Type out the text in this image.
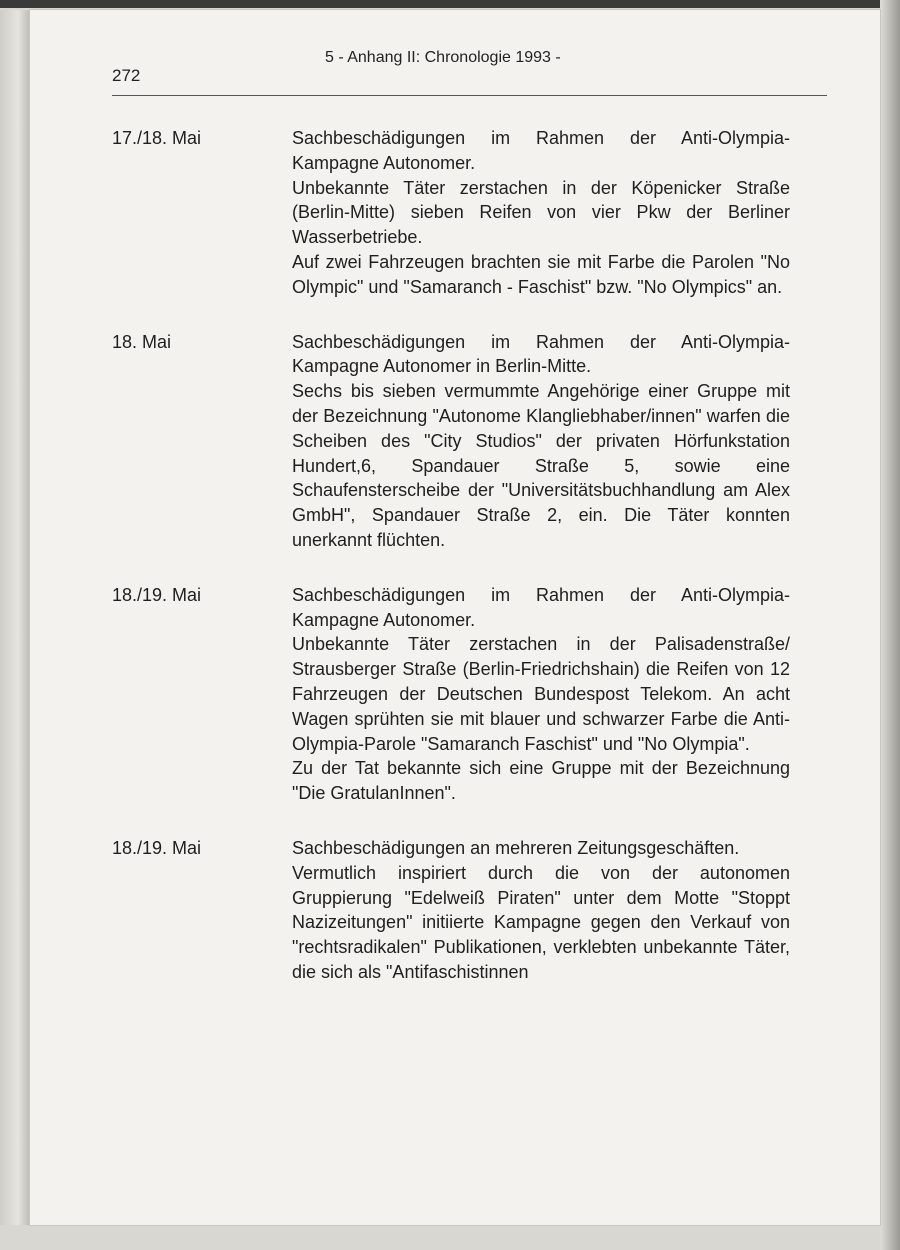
272
5 - Anhang II: Chronologie 1993 -
17./18. Mai	Sachbeschädigungen im Rahmen der Anti-Olympia-Kampagne Autonomer.

Unbekannte Täter zerstachen in der Köpenicker Straße (Berlin-Mitte) sieben Reifen von vier Pkw der Berliner Wasserbetriebe.

Auf zwei Fahrzeugen brachten sie mit Farbe die Parolen "No Olympic" und "Samaranch - Faschist" bzw. "No Olympics" an.

18. Mai	Sachbeschädigungen im Rahmen der Anti-Olympia-Kampagne Autonomer in Berlin-Mitte.

Sechs bis sieben vermummte Angehörige einer Gruppe mit der Bezeichnung "Autonome Klangliebhaber/innen" warfen die Scheiben des "City Studios" der privaten Hörfunkstation Hundert,6, Spandauer Straße 5, sowie eine Schaufensterscheibe der "Universitätsbuchhandlung am Alex GmbH", Spandauer Straße 2, ein. Die Täter konnten unerkannt flüchten.

18./19. Mai	Sachbeschädigungen im Rahmen der Anti-Olympia-Kampagne Autonomer.

Unbekannte Täter zerstachen in der Palisadenstraße/ Strausberger Straße (Berlin-Friedrichshain) die Reifen von 12 Fahrzeugen der Deutschen Bundespost Telekom. An acht Wagen sprühten sie mit blauer und schwarzer Farbe die Anti-Olympia-Parole "Samaranch Faschist" und "No Olympia".

Zu der Tat bekannte sich eine Gruppe mit der Bezeichnung "Die GratulanInnen".

18./19. Mai	Sachbeschädigungen an mehreren Zeitungsgeschäften.

Vermutlich inspiriert durch die von der autonomen Gruppierung "Edelweiß Piraten" unter dem Motte "Stoppt Nazizeitungen" initiierte Kampagne gegen den Verkauf von "rechtsradikalen" Publikationen, verklebten unbekannte Täter, die sich als "Antifaschistinnen
